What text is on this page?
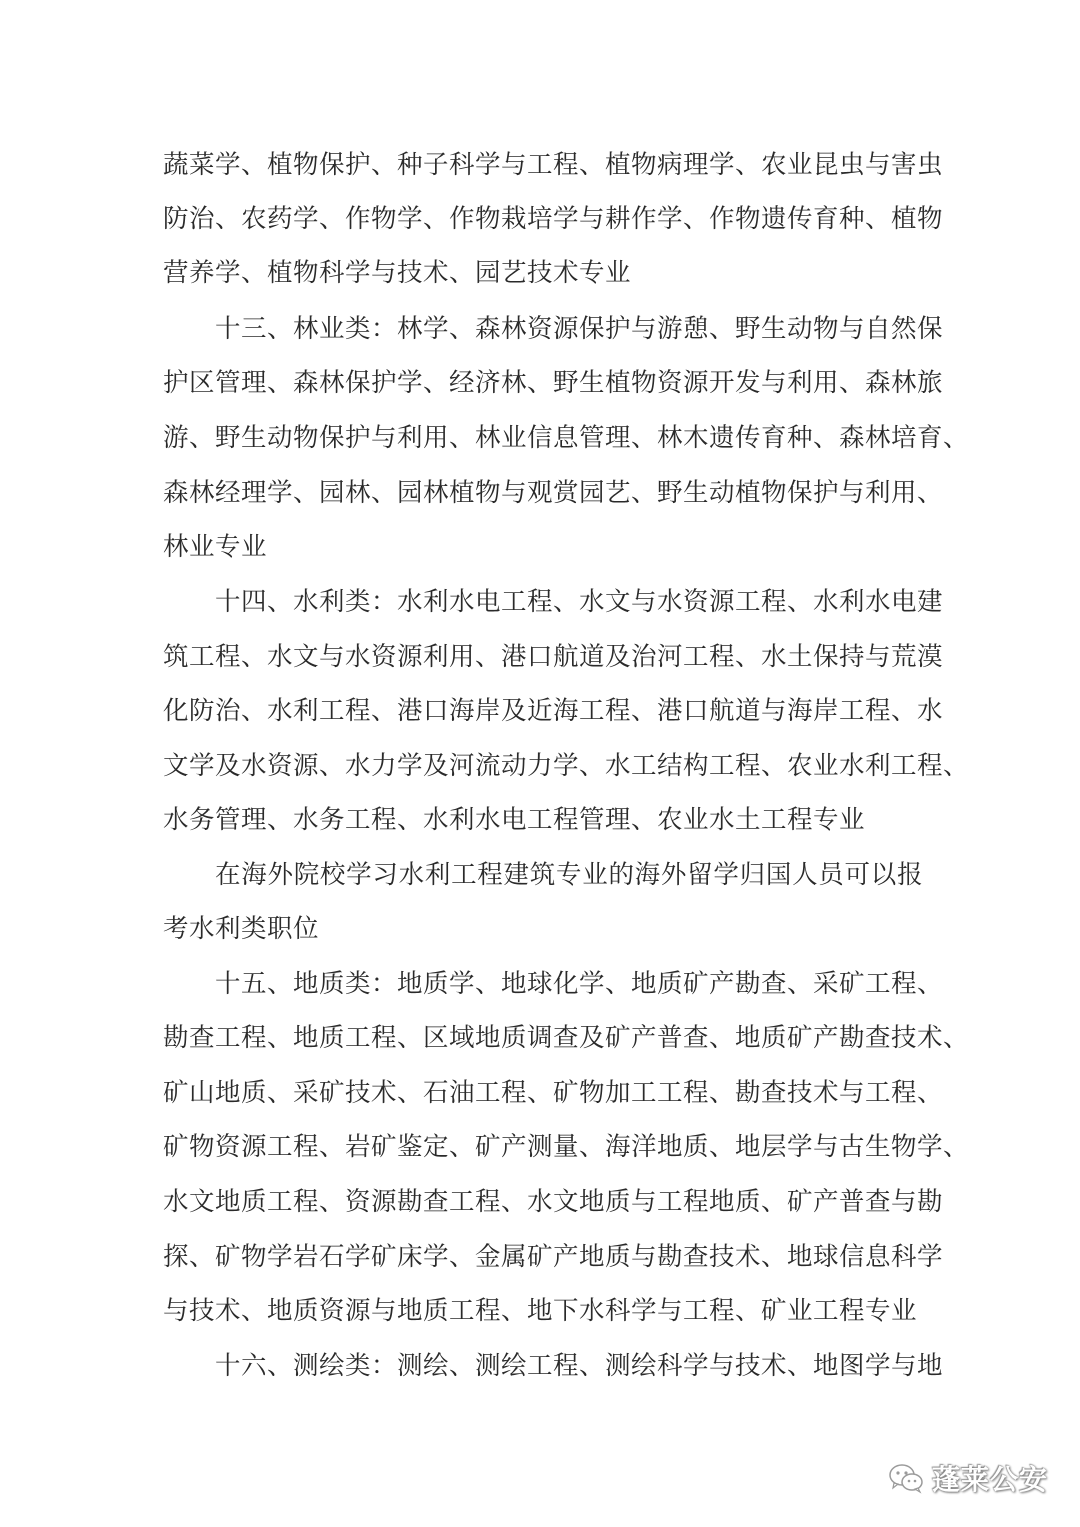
蔬菜学、植物保护、种子科学与工程、植物病理学、农业昆虫与害虫
防治、农药学、作物学、作物栽培学与耕作学、作物遗传育种、植物
营养学、植物科学与技术、园艺技术专业
十三、林业类：林学、森林资源保护与游憩、野生动物与自然保
护区管理、森林保护学、经济林、野生植物资源开发与利用、森林旅
游、野生动物保护与利用、林业信息管理、林木遗传育种、森林培育、
森林经理学、园林、园林植物与观赏园艺、野生动植物保护与利用、
林业专业
十四、水利类：水利水电工程、水文与水资源工程、水利水电建
筑工程、水文与水资源利用、港口航道及治河工程、水土保持与荒漠
化防治、水利工程、港口海岸及近海工程、港口航道与海岸工程、水
文学及水资源、水力学及河流动力学、水工结构工程、农业水利工程、
水务管理、水务工程、水利水电工程管理、农业水土工程专业
在海外院校学习水利工程建筑专业的海外留学归国人员可以报
考水利类职位
十五、地质类：地质学、地球化学、地质矿产勘查、采矿工程、
勘查工程、地质工程、区域地质调查及矿产普查、地质矿产勘查技术、
矿山地质、采矿技术、石油工程、矿物加工工程、勘查技术与工程、
矿物资源工程、岩矿鉴定、矿产测量、海洋地质、地层学与古生物学、
水文地质工程、资源勘查工程、水文地质与工程地质、矿产普查与勘
探、矿物学岩石学矿床学、金属矿产地质与勘查技术、地球信息科学
与技术、地质资源与地质工程、地下水科学与工程、矿业工程专业
十六、测绘类：测绘、测绘工程、测绘科学与技术、地图学与地
蓬莱公安
